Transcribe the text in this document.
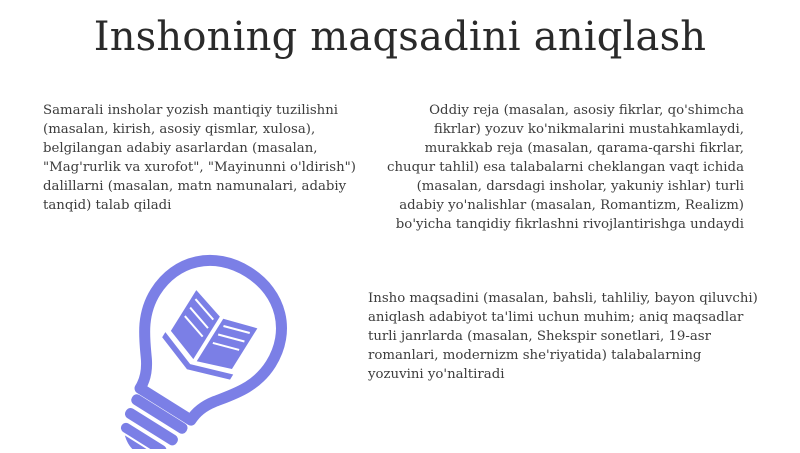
Inshoning maqsadini aniqlash
Samarali insholar yozish mantiqiy tuzilishni (masalan, kirish, asosiy qismlar, xulosa), belgilangan adabiy asarlardan (masalan, "Mag'rurlik va xurofot", "Mayinunni o'ldirish") dalillarni (masalan, matn namunalari, adabiy tanqid) talab qiladi
Oddiy reja (masalan, asosiy fikrlar, qo'shimcha fikrlar) yozuv ko'nikmalarini mustahkamlaydi, murakkab reja (masalan, qarama-qarshi fikrlar, chuqur tahlil) esa talabalarni cheklangan vaqt ichida (masalan, darsdagi insholar, yakuniy ishlar) turli adabiy yo'nalishlar (masalan, Romantizm, Realizm) bo'yicha tanqidiy fikrlashni rivojlantirishga undaydi
Insho maqsadini (masalan, bahsli, tahliliy, bayon qiluvchi) aniqlash adabiyot ta'limi uchun muhim; aniq maqsadlar turli janrlarda (masalan, Shekspir sonetlari, 19-asr romanlari, modernizm she'riyatida) talabalarning yozuvini yo'naltiradi
